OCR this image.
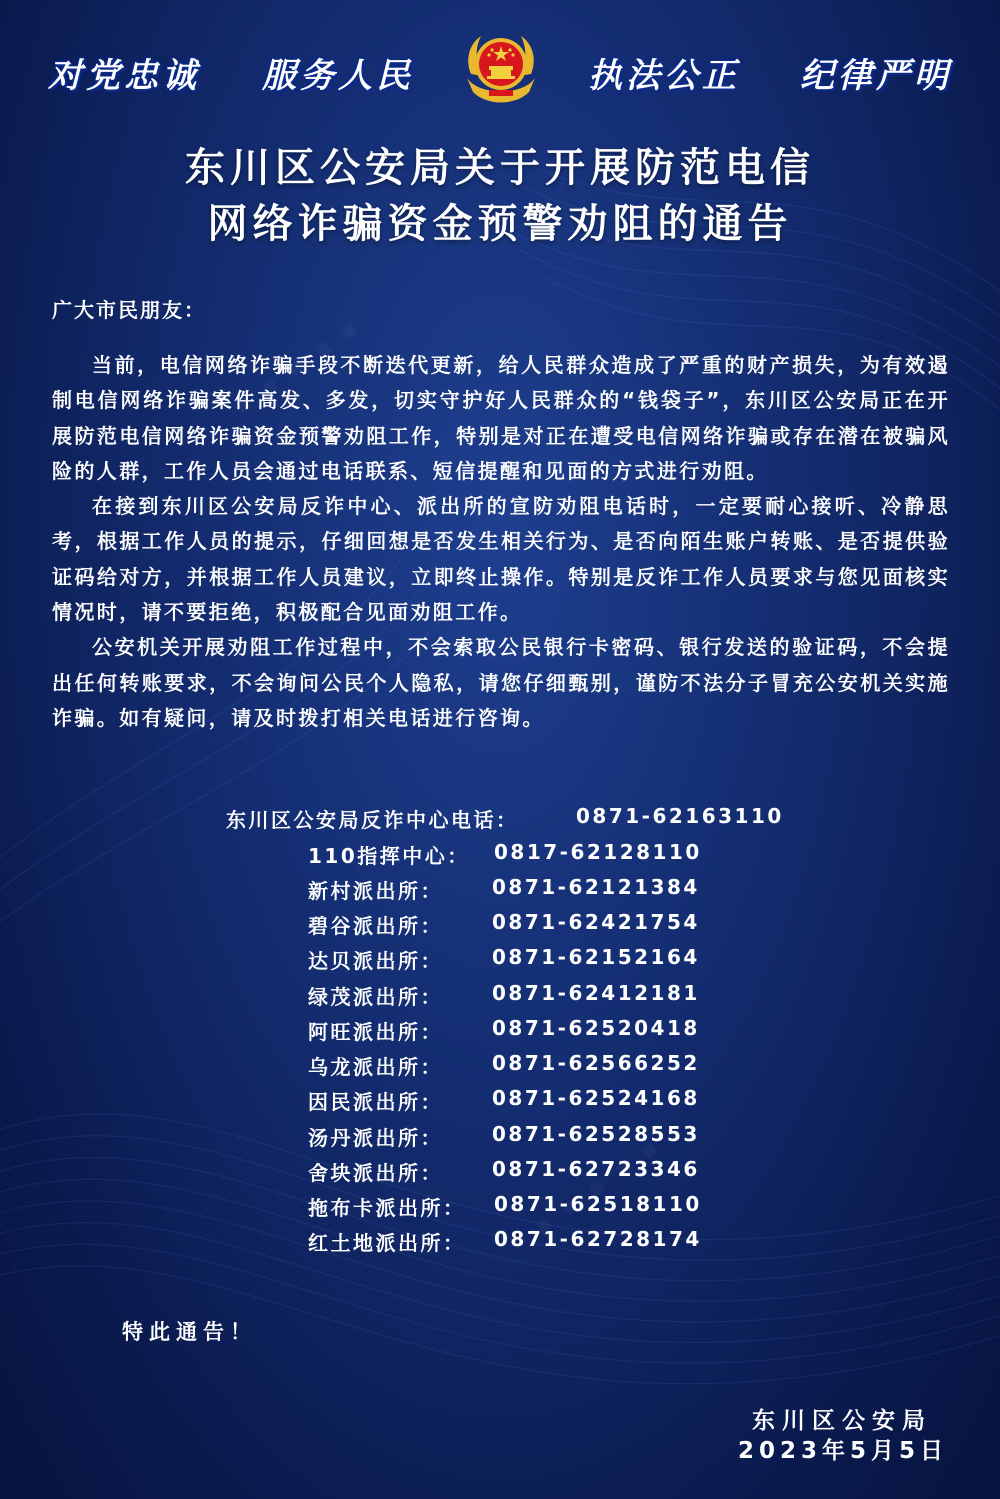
对党忠诚 服务人民	执法公正 纪律严明
东川区公安局关于开展防范电信
网络诈骗资金预警劝阻的通告
广大市民朋友：

当前，电信网络诈骗手段不断迭代更新，给人民群众造成了严重的财产损失，为有效遏制电信网络诈骗案件高发、多发，切实守护好人民群众的“钱袋子”，东川区公安局正在开展防范电信网络诈骗资金预警劝阻工作，特别是对正在遭受电信网络诈骗或存在潜在被骗风险的人群，工作人员会通过电话联系、短信提醒和见面的方式进行劝阻。

在接到东川区公安局反诈中心、派出所的宣防劝阻电话时，一定要耐心接听、冷静思考，根据工作人员的提示，仔细回想是否发生相关行为、是否向陌生账户转账、是否提供验证码给对方，并根据工作人员建议，立即终止操作。特别是反诈工作人员要求与您见面核实情况时，请不要拒绝，积极配合见面劝阻工作。

公安机关开展劝阻工作过程中，不会索取公民银行卡密码、银行发送的验证码，不会提出任何转账要求，不会询问公民个人隐私，请您仔细甄别，谨防不法分子冒充公安机关实施诈骗。如有疑问，请及时拨打相关电话进行咨询。

东川区公安局反诈中心电话：	0871-62163110
110指挥中心： 0817-62128110
新村派出所： 0871-62121384
碧谷派出所： 0871-62421754
达贝派出所： 0871-62152164
绿茂派出所： 0871-62412181
阿旺派出所： 0871-62520418
乌龙派出所： 0871-62566252
因民派出所： 0871-62524168
汤丹派出所： 0871-62528553
舍块派出所： 0871-62723346
拖布卡派出所： 0871-62518110
红土地派出所： 0871-62728174
特此通告！
东川区公安局
2023年5月5日
